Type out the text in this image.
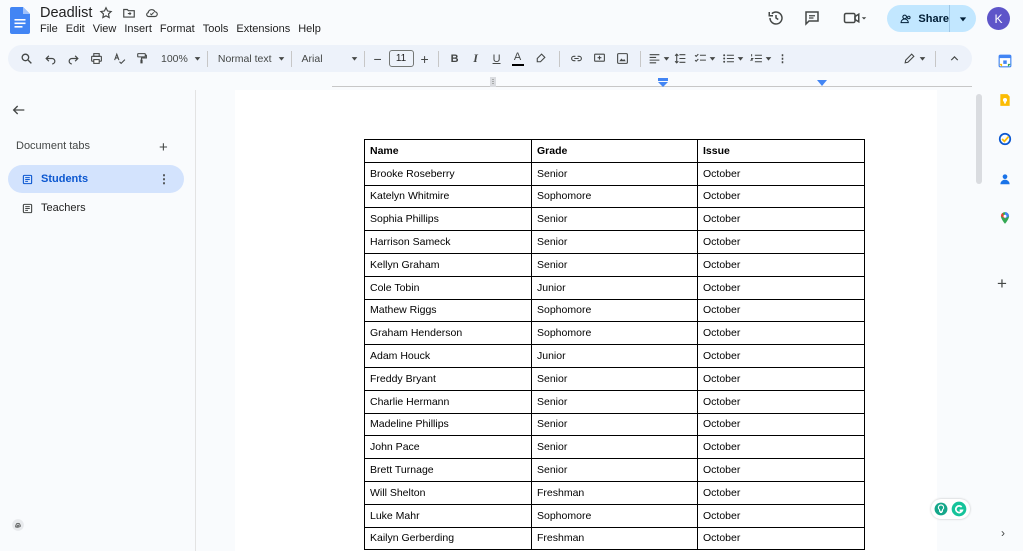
Deadlist
File Edit View Insert Format Tools Extensions Help
Share	K
100%	Normal text	Arial	−	11	+	B	I	U	A	⋮
Document tabs	+
Students	⋮
Teachers
Name	Grade	Issue
Brooke Roseberry	Senior	October
Katelyn Whitmire	Sophomore	October
Sophia Phillips	Senior	October
Harrison Sameck	Senior	October
Kellyn Graham	Senior	October
Cole Tobin	Junior	October
Mathew Riggs	Sophomore	October
Graham Henderson	Sophomore	October
Adam Houck	Junior	October
Freddy Bryant	Senior	October
Charlie Hermann	Senior	October
Madeline Phillips	Senior	October
John Pace	Senior	October
Brett Turnage	Senior	October
Will Shelton	Freshman	October
Luke Mahr	Sophomore	October
Kailyn Gerberding	Freshman	October
+
›
